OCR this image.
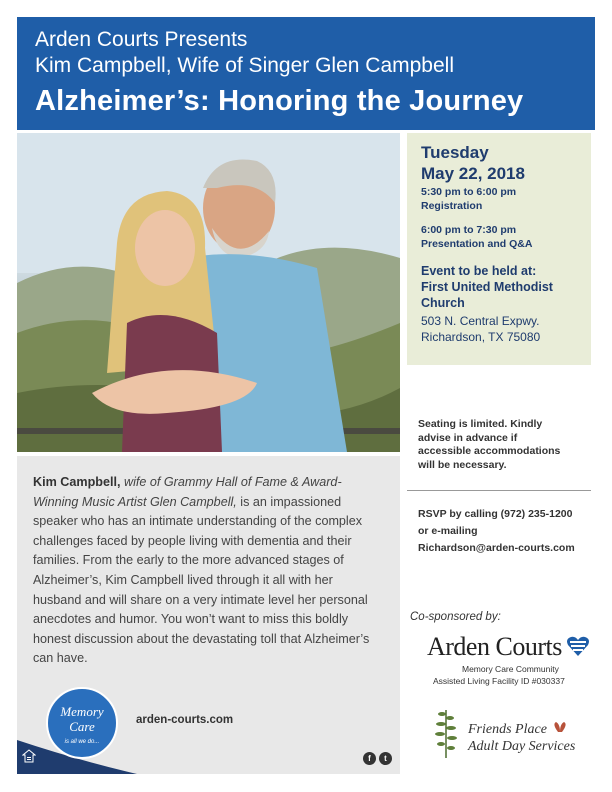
Arden Courts Presents
Kim Campbell, Wife of Singer Glen Campbell
Alzheimer’s: Honoring the Journey
Tuesday
May 22, 2018
5:30 pm to 6:00 pm
Registration
6:00 pm to 7:30 pm
Presentation and Q&A
Event to be held at:
First United Methodist
Church
503 N. Central Expwy.
Richardson, TX 75080
Seating is limited. Kindly
advise in advance if
accessible accommodations
will be necessary.
RSVP by calling (972) 235-1200
or e-mailing
Richardson@arden-courts.com
Co-sponsored by:
Arden Courts
Memory Care Community
Assisted Living Facility ID #030337
Friends Place
Adult Day Services
Kim Campbell, wife of Grammy Hall of Fame & Award-Winning Music Artist Glen Campbell, is an impassioned speaker who has an intimate understanding of the complex challenges faced by people living with dementia and their families. From the early to the more advanced stages of Alzheimer’s, Kim Campbell lived through it all with her husband and will share on a very intimate level her personal anecdotes and humor. You won’t want to miss this boldly honest discussion about the devastating toll that Alzheimer’s can have.
Memory
Care
is all we do...
arden-courts.com
f	t
